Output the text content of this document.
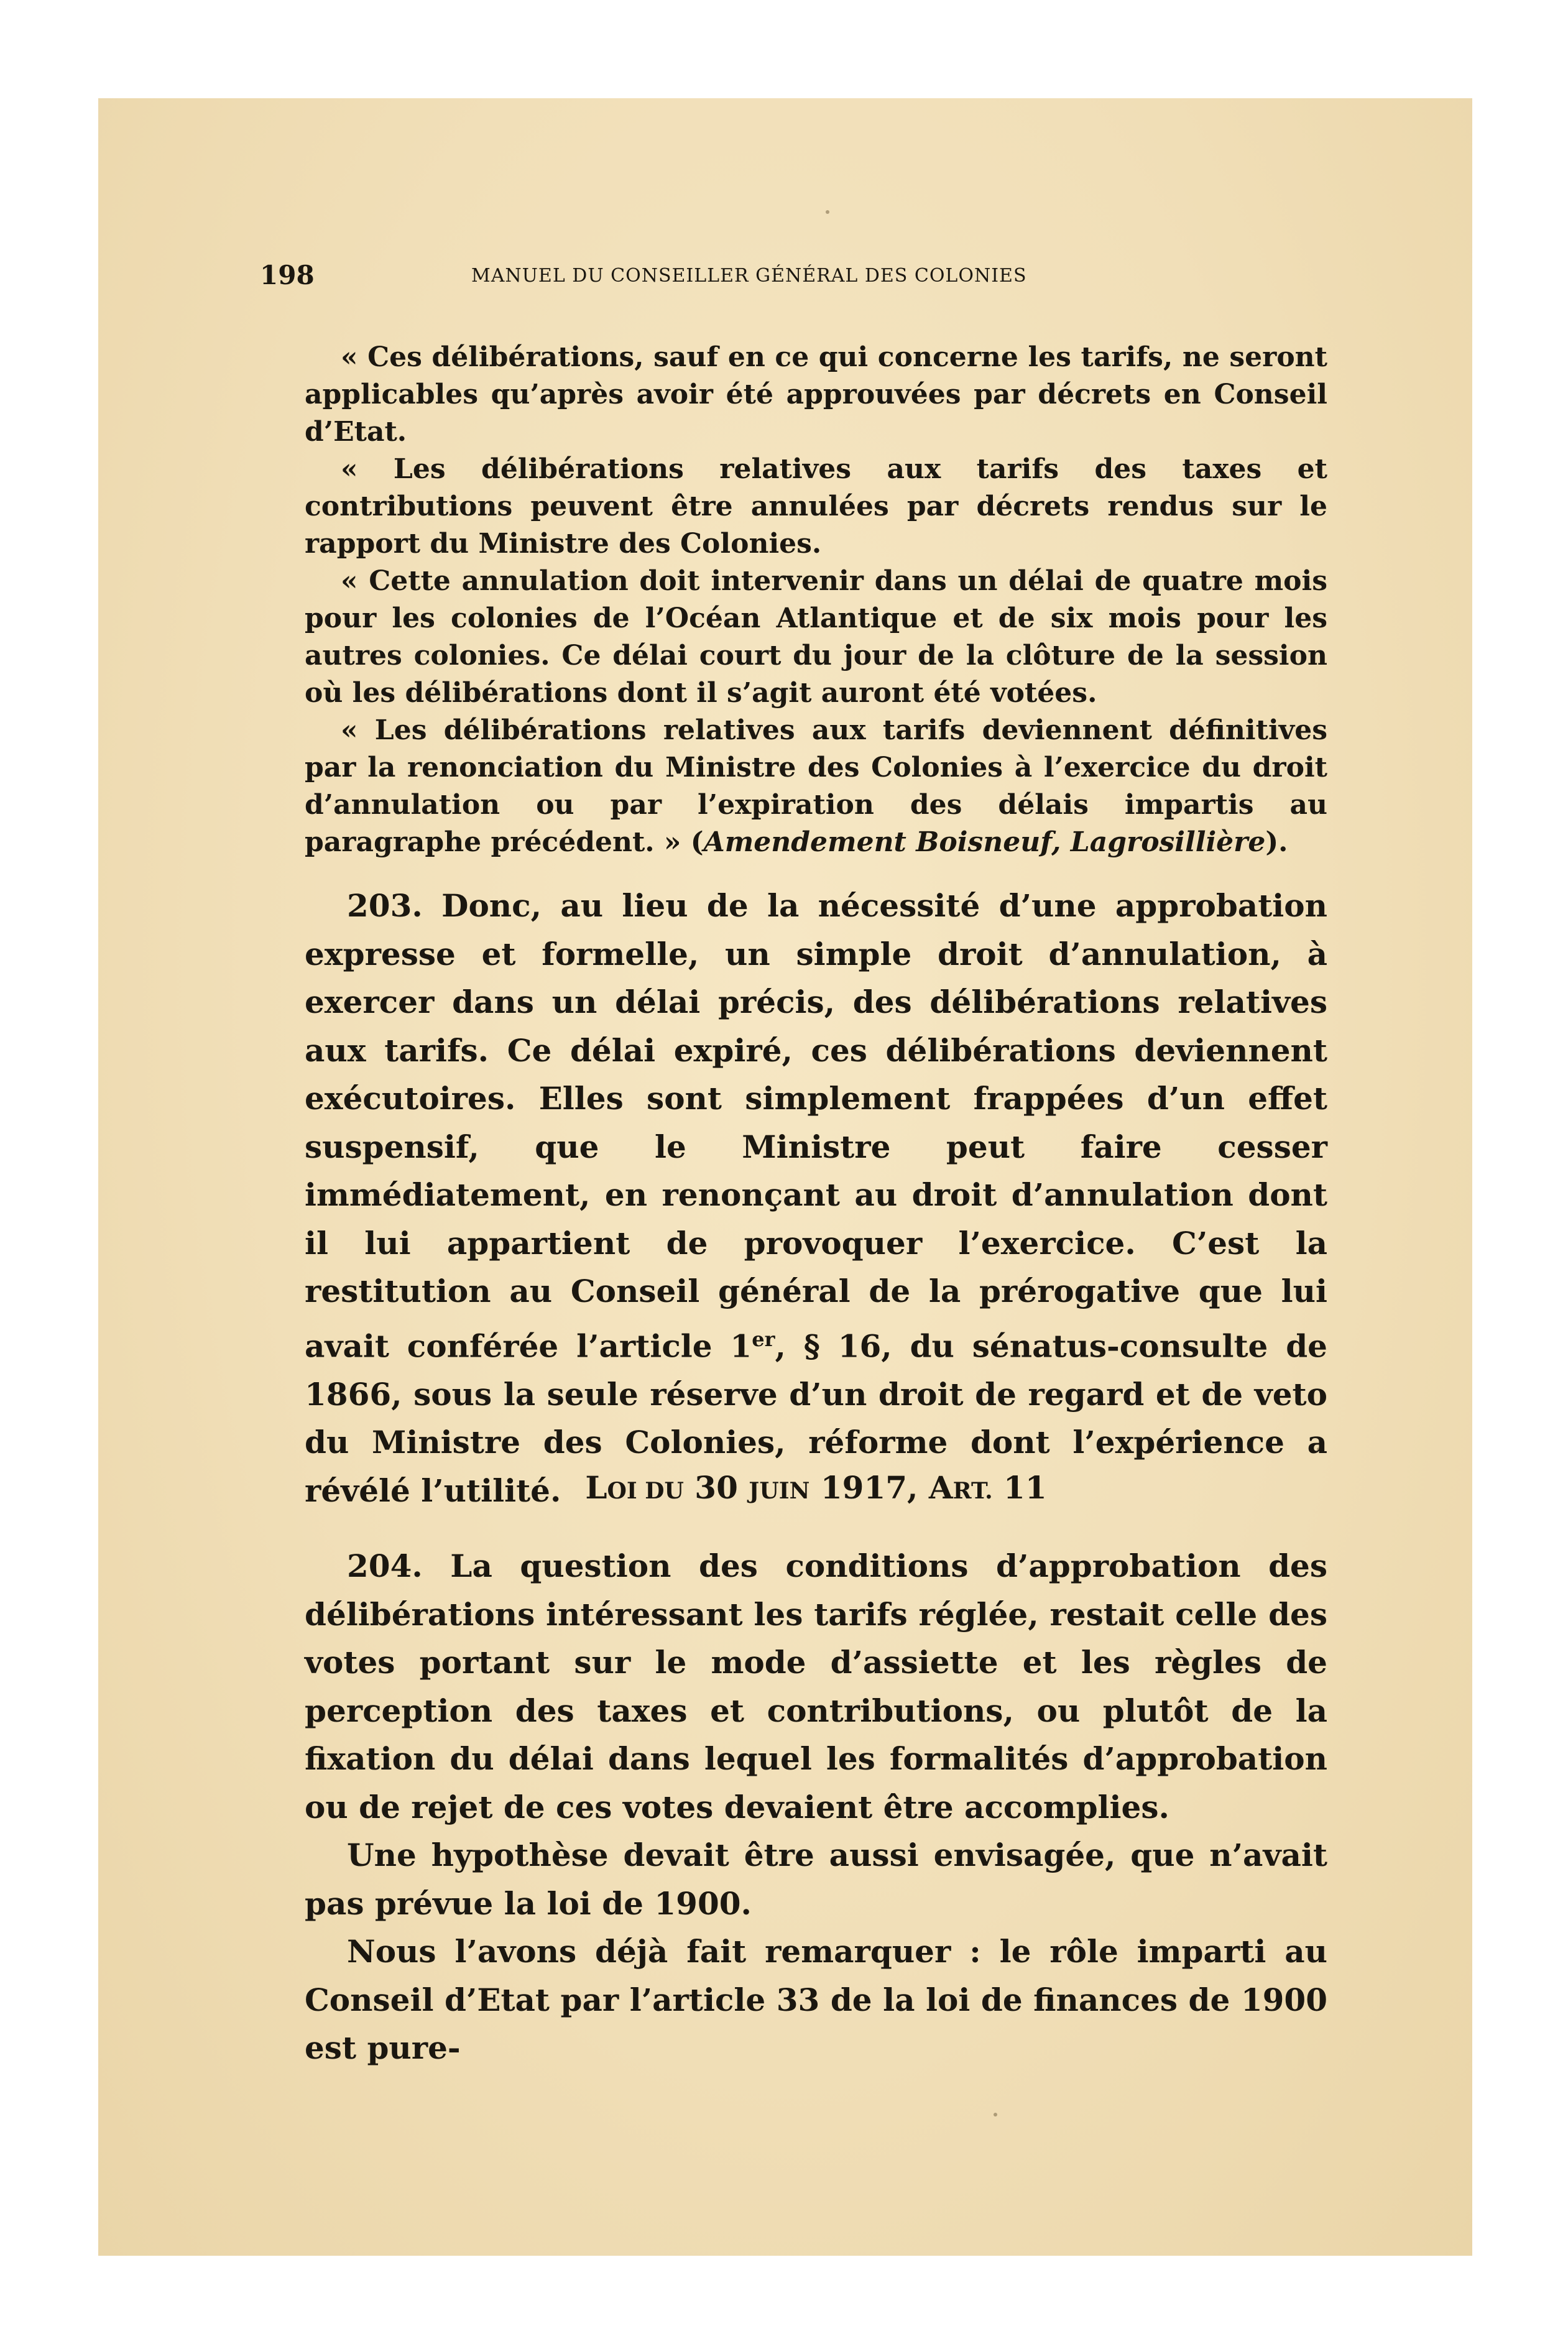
198	MANUEL DU CONSEILLER GÉNÉRAL DES COLONIES

« Ces délibérations, sauf en ce qui concerne les tarifs, ne seront applicables qu’après avoir été approuvées par décrets en Conseil d’Etat.

« Les délibérations relatives aux tarifs des taxes et contributions peuvent être annulées par décrets rendus sur le rapport du Ministre des Colonies.

« Cette annulation doit intervenir dans un délai de quatre mois pour les colonies de l’Océan Atlantique et de six mois pour les autres colonies. Ce délai court du jour de la clôture de la session où les délibérations dont il s’agit auront été votées.

« Les délibérations relatives aux tarifs deviennent définitives par la renonciation du Ministre des Colonies à l’exercice du droit d’annulation ou par l’expiration des délais impartis au paragraphe précédent. » (Amendement Boisneuf, Lagrosillière).

203. Donc, au lieu de la nécessité d’une approbation expresse et formelle, un simple droit d’annulation, à exercer dans un délai précis, des délibérations relatives aux tarifs. Ce délai expiré, ces délibérations deviennent exécutoires. Elles sont simplement frappées d’un effet suspensif, que le Ministre peut faire cesser immédiatement, en renonçant au droit d’annulation dont il lui appartient de provoquer l’exercice. C’est la restitution au Conseil général de la prérogative que lui avait conférée l’article 1er, § 16, du sénatus-consulte de 1866, sous la seule réserve d’un droit de regard et de veto du Ministre des Colonies, réforme dont l’expérience a révélé l’utilité. LOI DU 30 JUIN 1917, ART. 11

204. La question des conditions d’approbation des délibérations intéressant les tarifs réglée, restait celle des votes portant sur le mode d’assiette et les règles de perception des taxes et contributions, ou plutôt de la fixation du délai dans lequel les formalités d’approbation ou de rejet de ces votes devaient être accomplies.

Une hypothèse devait être aussi envisagée, que n’avait pas prévue la loi de 1900.

Nous l’avons déjà fait remarquer : le rôle imparti au Conseil d’Etat par l’article 33 de la loi de finances de 1900 est pure-
